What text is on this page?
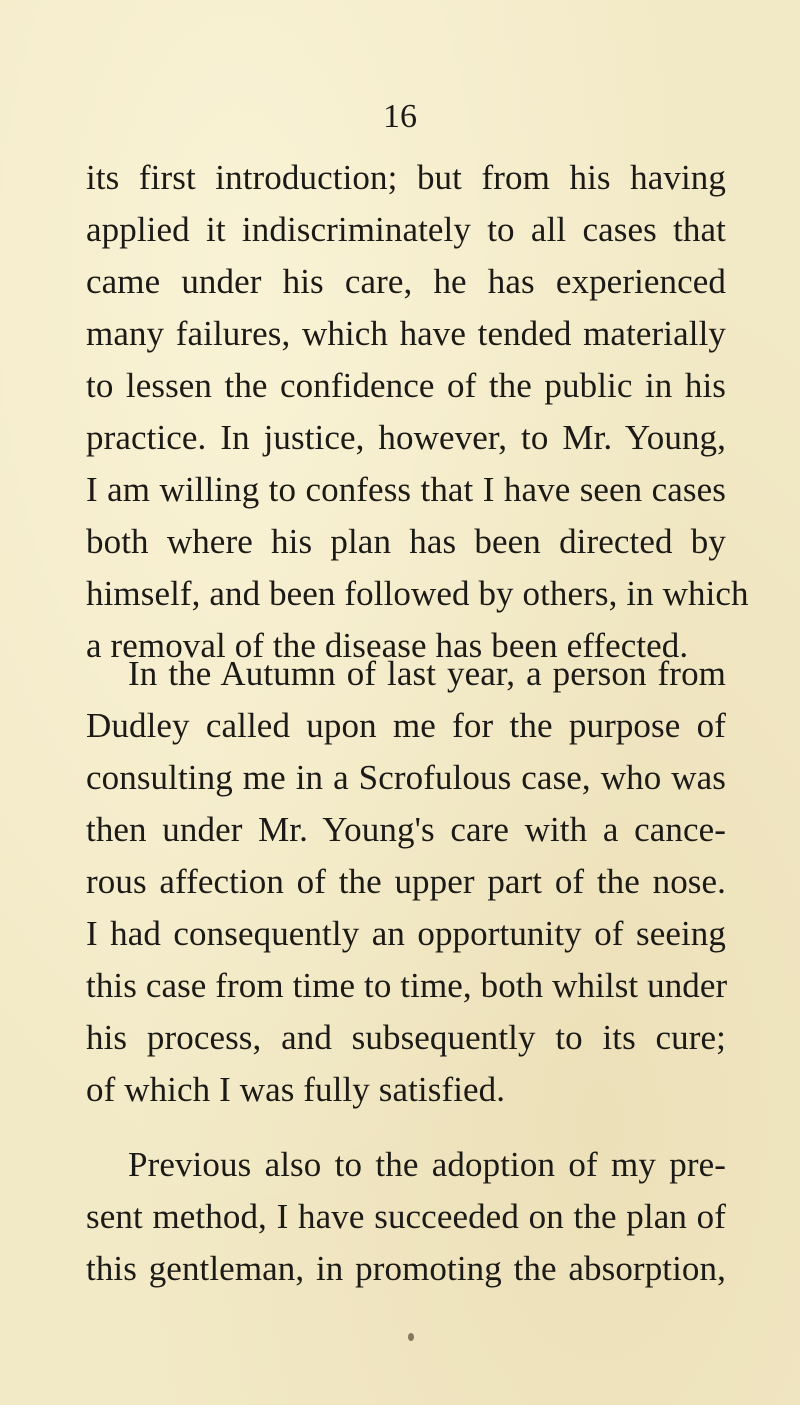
16
its first introduction; but from his having
applied it indiscriminately to all cases that
came under his care, he has experienced
many failures, which have tended materially
to lessen the confidence of the public in his
practice. In justice, however, to Mr. Young,
I am willing to confess that I have seen cases
both where his plan has been directed by
himself, and been followed by others, in which
a removal of the disease has been effected.
In the Autumn of last year, a person from
Dudley called upon me for the purpose of
consulting me in a Scrofulous case, who was
then under Mr. Young's care with a cance-
rous affection of the upper part of the nose.
I had consequently an opportunity of seeing
this case from time to time, both whilst under
his process, and subsequently to its cure;
of which I was fully satisfied.
Previous also to the adoption of my pre-
sent method, I have succeeded on the plan of
this gentleman, in promoting the absorption,
